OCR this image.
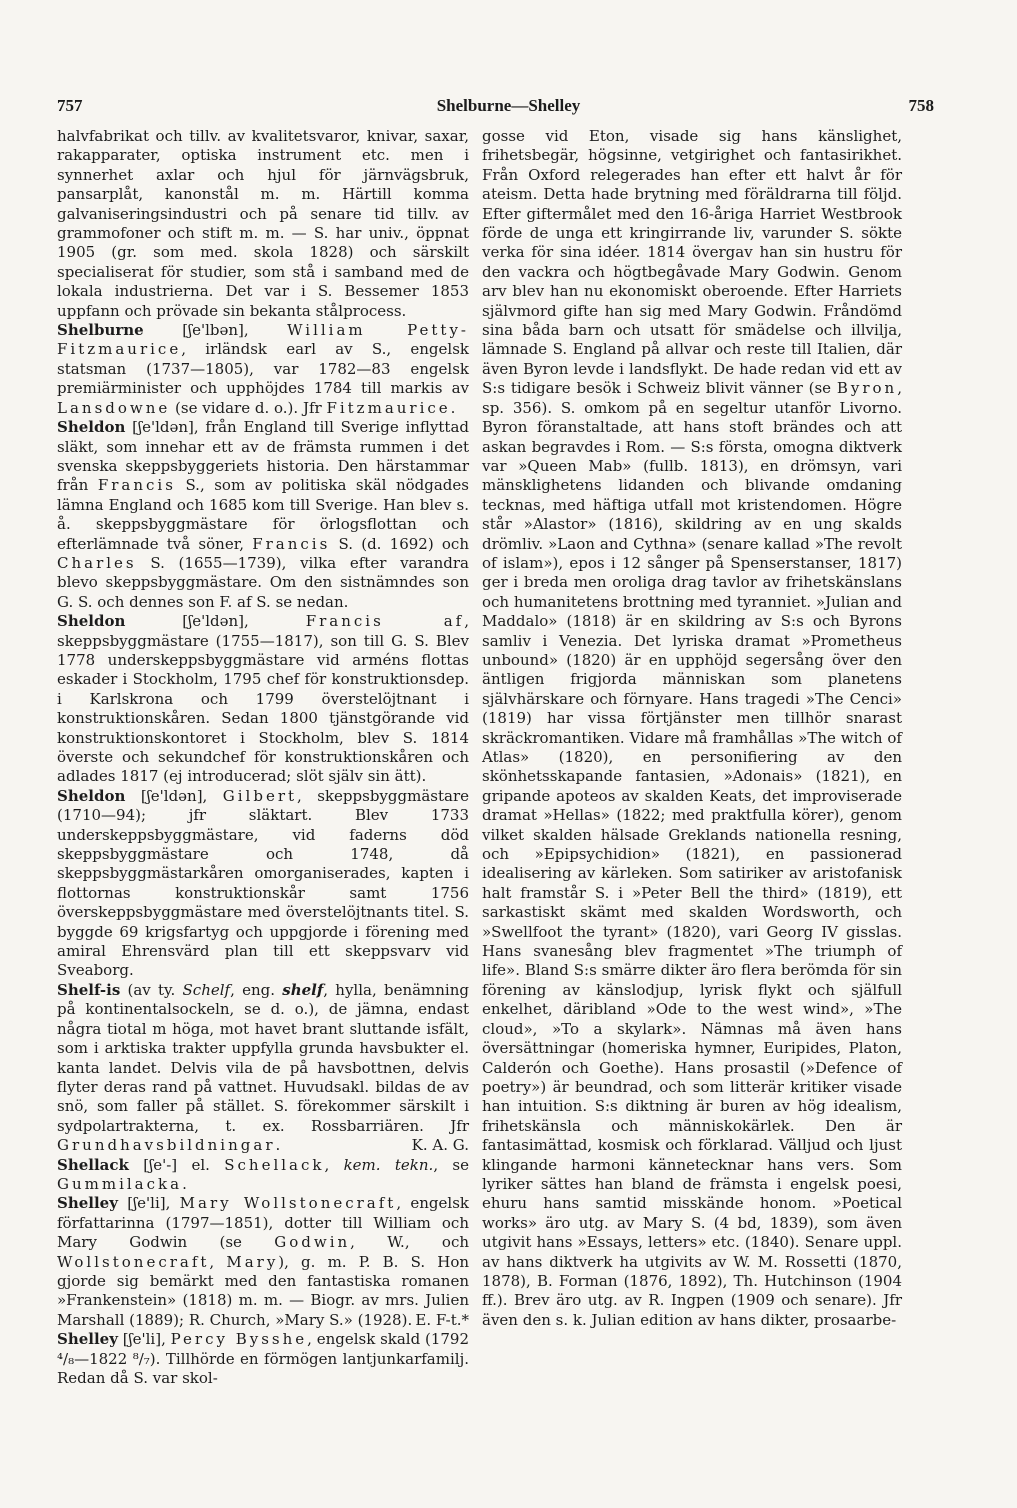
757	Shelburne—Shelley	758

halvfabrikat och tillv. av kvalitetsvaror, knivar, saxar, rakapparater, optiska instrument etc. men i synnerhet axlar och hjul för järnvägsbruk, pansarplåt, kanonstål m. m. Härtill komma galvaniseringsindustri och på senare tid tillv. av grammofoner och stift m. m. — S. har univ., öppnat 1905 (gr. som med. skola 1828) och särskilt specialiserat för studier, som stå i samband med de lokala industrierna. Det var i S. Bessemer 1853 uppfann och prövade sin bekanta stålprocess.

Shelburne [ʃe'lbən], William Petty-Fitzmaurice, irländsk earl av S., engelsk statsman (1737—1805), var 1782—83 engelsk premiärminister och upphöjdes 1784 till markis av Lansdowne (se vidare d. o.). Jfr Fitzmaurice.

Sheldon [ʃe'ldən], från England till Sverige inflyttad släkt, som innehar ett av de främsta rummen i det svenska skeppsbyggeriets historia. Den härstammar från Francis S., som av politiska skäl nödgades lämna England och 1685 kom till Sverige. Han blev s. å. skeppsbyggmästare för örlogsflottan och efterlämnade två söner, Francis S. (d. 1692) och Charles S. (1655—1739), vilka efter varandra blevo skeppsbyggmästare. Om den sistnämndes son G. S. och dennes son F. af S. se nedan.

Sheldon [ʃe'ldən], Francis af, skeppsbyggmästare (1755—1817), son till G. S. Blev 1778 underskeppsbyggmästare vid arméns flottas eskader i Stockholm, 1795 chef för konstruktionsdep. i Karlskrona och 1799 överstelöjtnant i konstruktionskåren. Sedan 1800 tjänstgörande vid konstruktionskontoret i Stockholm, blev S. 1814 överste och sekundchef för konstruktionskåren och adlades 1817 (ej introducerad; slöt själv sin ätt).

Sheldon [ʃe'ldən], Gilbert, skeppsbyggmästare (1710—94); jfr släktart. Blev 1733 underskeppsbyggmästare, vid faderns död skeppsbyggmästare och 1748, då skeppsbyggmästarkåren omorganiserades, kapten i flottornas konstruktionskår samt 1756 överskeppsbyggmästare med överstelöjtnants titel. S. byggde 69 krigsfartyg och uppgjorde i förening med amiral Ehrensvärd plan till ett skeppsvarv vid Sveaborg.

Shelf-is (av ty. Schelf, eng. shelf, hylla, benämning på kontinentalsockeln, se d. o.), de jämna, endast några tiotal m höga, mot havet brant sluttande isfält, som i arktiska trakter uppfylla grunda havsbukter el. kanta landet. Delvis vila de på havsbottnen, delvis flyter deras rand på vattnet. Huvudsakl. bildas de av snö, som faller på stället. S. förekommer särskilt i sydpolartrakterna, t. ex. Rossbarriären. Jfr Grundhavsbildningar.	K. A. G.

Shellack [ʃe'-] el. Schellack, kem. tekn., se Gummilacka.

Shelley [ʃe'li], Mary Wollstonecraft, engelsk författarinna (1797—1851), dotter till William och Mary Godwin (se Godwin, W., och Wollstonecraft, Mary), g. m. P. B. S. Hon gjorde sig bemärkt med den fantastiska romanen »Frankenstein» (1818) m. m. — Biogr. av mrs. Julien Marshall (1889); R. Church, »Mary S.» (1928). E. F-t.*

Shelley [ʃe'li], Percy Bysshe, engelsk skald (1792 ⁴/₈—1822 ⁸/₇). Tillhörde en förmögen lantjunkarfamilj. Redan då S. var skol-

gosse vid Eton, visade sig hans känslighet, frihetsbegär, högsinne, vetgirighet och fantasirikhet. Från Oxford relegerades han efter ett halvt år för ateism. Detta hade brytning med föräldrarna till följd. Efter giftermålet med den 16-åriga Harriet Westbrook förde de unga ett kringirrande liv, varunder S. sökte verka för sina idéer. 1814 övergav han sin hustru för den vackra och högtbegåvade Mary Godwin. Genom arv blev han nu ekonomiskt oberoende. Efter Harriets självmord gifte han sig med Mary Godwin. Fråndömd sina båda barn och utsatt för smädelse och illvilja, lämnade S. England på allvar och reste till Italien, där även Byron levde i landsflykt. De hade redan vid ett av S:s tidigare besök i Schweiz blivit vänner (se Byron, sp. 356). S. omkom på en segeltur utanför Livorno. Byron föranstaltade, att hans stoft brändes och att askan begravdes i Rom. — S:s första, omogna diktverk var »Queen Mab» (fullb. 1813), en drömsyn, vari mänsklighetens lidanden och blivande omdaning tecknas, med häftiga utfall mot kristendomen. Högre står »Alastor» (1816), skildring av en ung skalds drömliv. »Laon and Cythna» (senare kallad »The revolt of islam»), epos i 12 sånger på Spenserstanser, 1817) ger i breda men oroliga drag tavlor av frihetskänslans och humanitetens brottning med tyranniet. »Julian and Maddalo» (1818) är en skildring av S:s och Byrons samliv i Venezia. Det lyriska dramat »Prometheus unbound» (1820) är en upphöjd segersång över den äntligen frigjorda människan som planetens självhärskare och förnyare. Hans tragedi »The Cenci» (1819) har vissa förtjänster men tillhör snarast skräckromantiken. Vidare må framhållas »The witch of Atlas» (1820), en personifiering av den skönhetsskapande fantasien, »Adonais» (1821), en gripande apoteos av skalden Keats, det improviserade dramat »Hellas» (1822; med praktfulla körer), genom vilket skalden hälsade Greklands nationella resning, och »Epipsychidion» (1821), en passionerad idealisering av kärleken. Som satiriker av aristofanisk halt framstår S. i »Peter Bell the third» (1819), ett sarkastiskt skämt med skalden Wordsworth, och »Swellfoot the tyrant» (1820), vari Georg IV gisslas. Hans svanesång blev fragmentet »The triumph of life». Bland S:s smärre dikter äro flera berömda för sin förening av känslodjup, lyrisk flykt och själfull enkelhet, däribland »Ode to the west wind», »The cloud», »To a skylark». Nämnas må även hans översättningar (homeriska hymner, Euripides, Platon, Calderón och Goethe). Hans prosastil (»Defence of poetry») är beundrad, och som litterär kritiker visade han intuition. S:s diktning är buren av hög idealism, frihetskänsla och människokärlek. Den är fantasimättad, kosmisk och förklarad. Välljud och ljust klingande harmoni kännetecknar hans vers. Som lyriker sättes han bland de främsta i engelsk poesi, ehuru hans samtid misskände honom. »Poetical works» äro utg. av Mary S. (4 bd, 1839), som även utgivit hans »Essays, letters» etc. (1840). Senare uppl. av hans diktverk ha utgivits av W. M. Rossetti (1870, 1878), B. Forman (1876, 1892), Th. Hutchinson (1904 ff.). Brev äro utg. av R. Ingpen (1909 och senare). Jfr även den s. k. Julian edition av hans dikter, prosaarbe-
